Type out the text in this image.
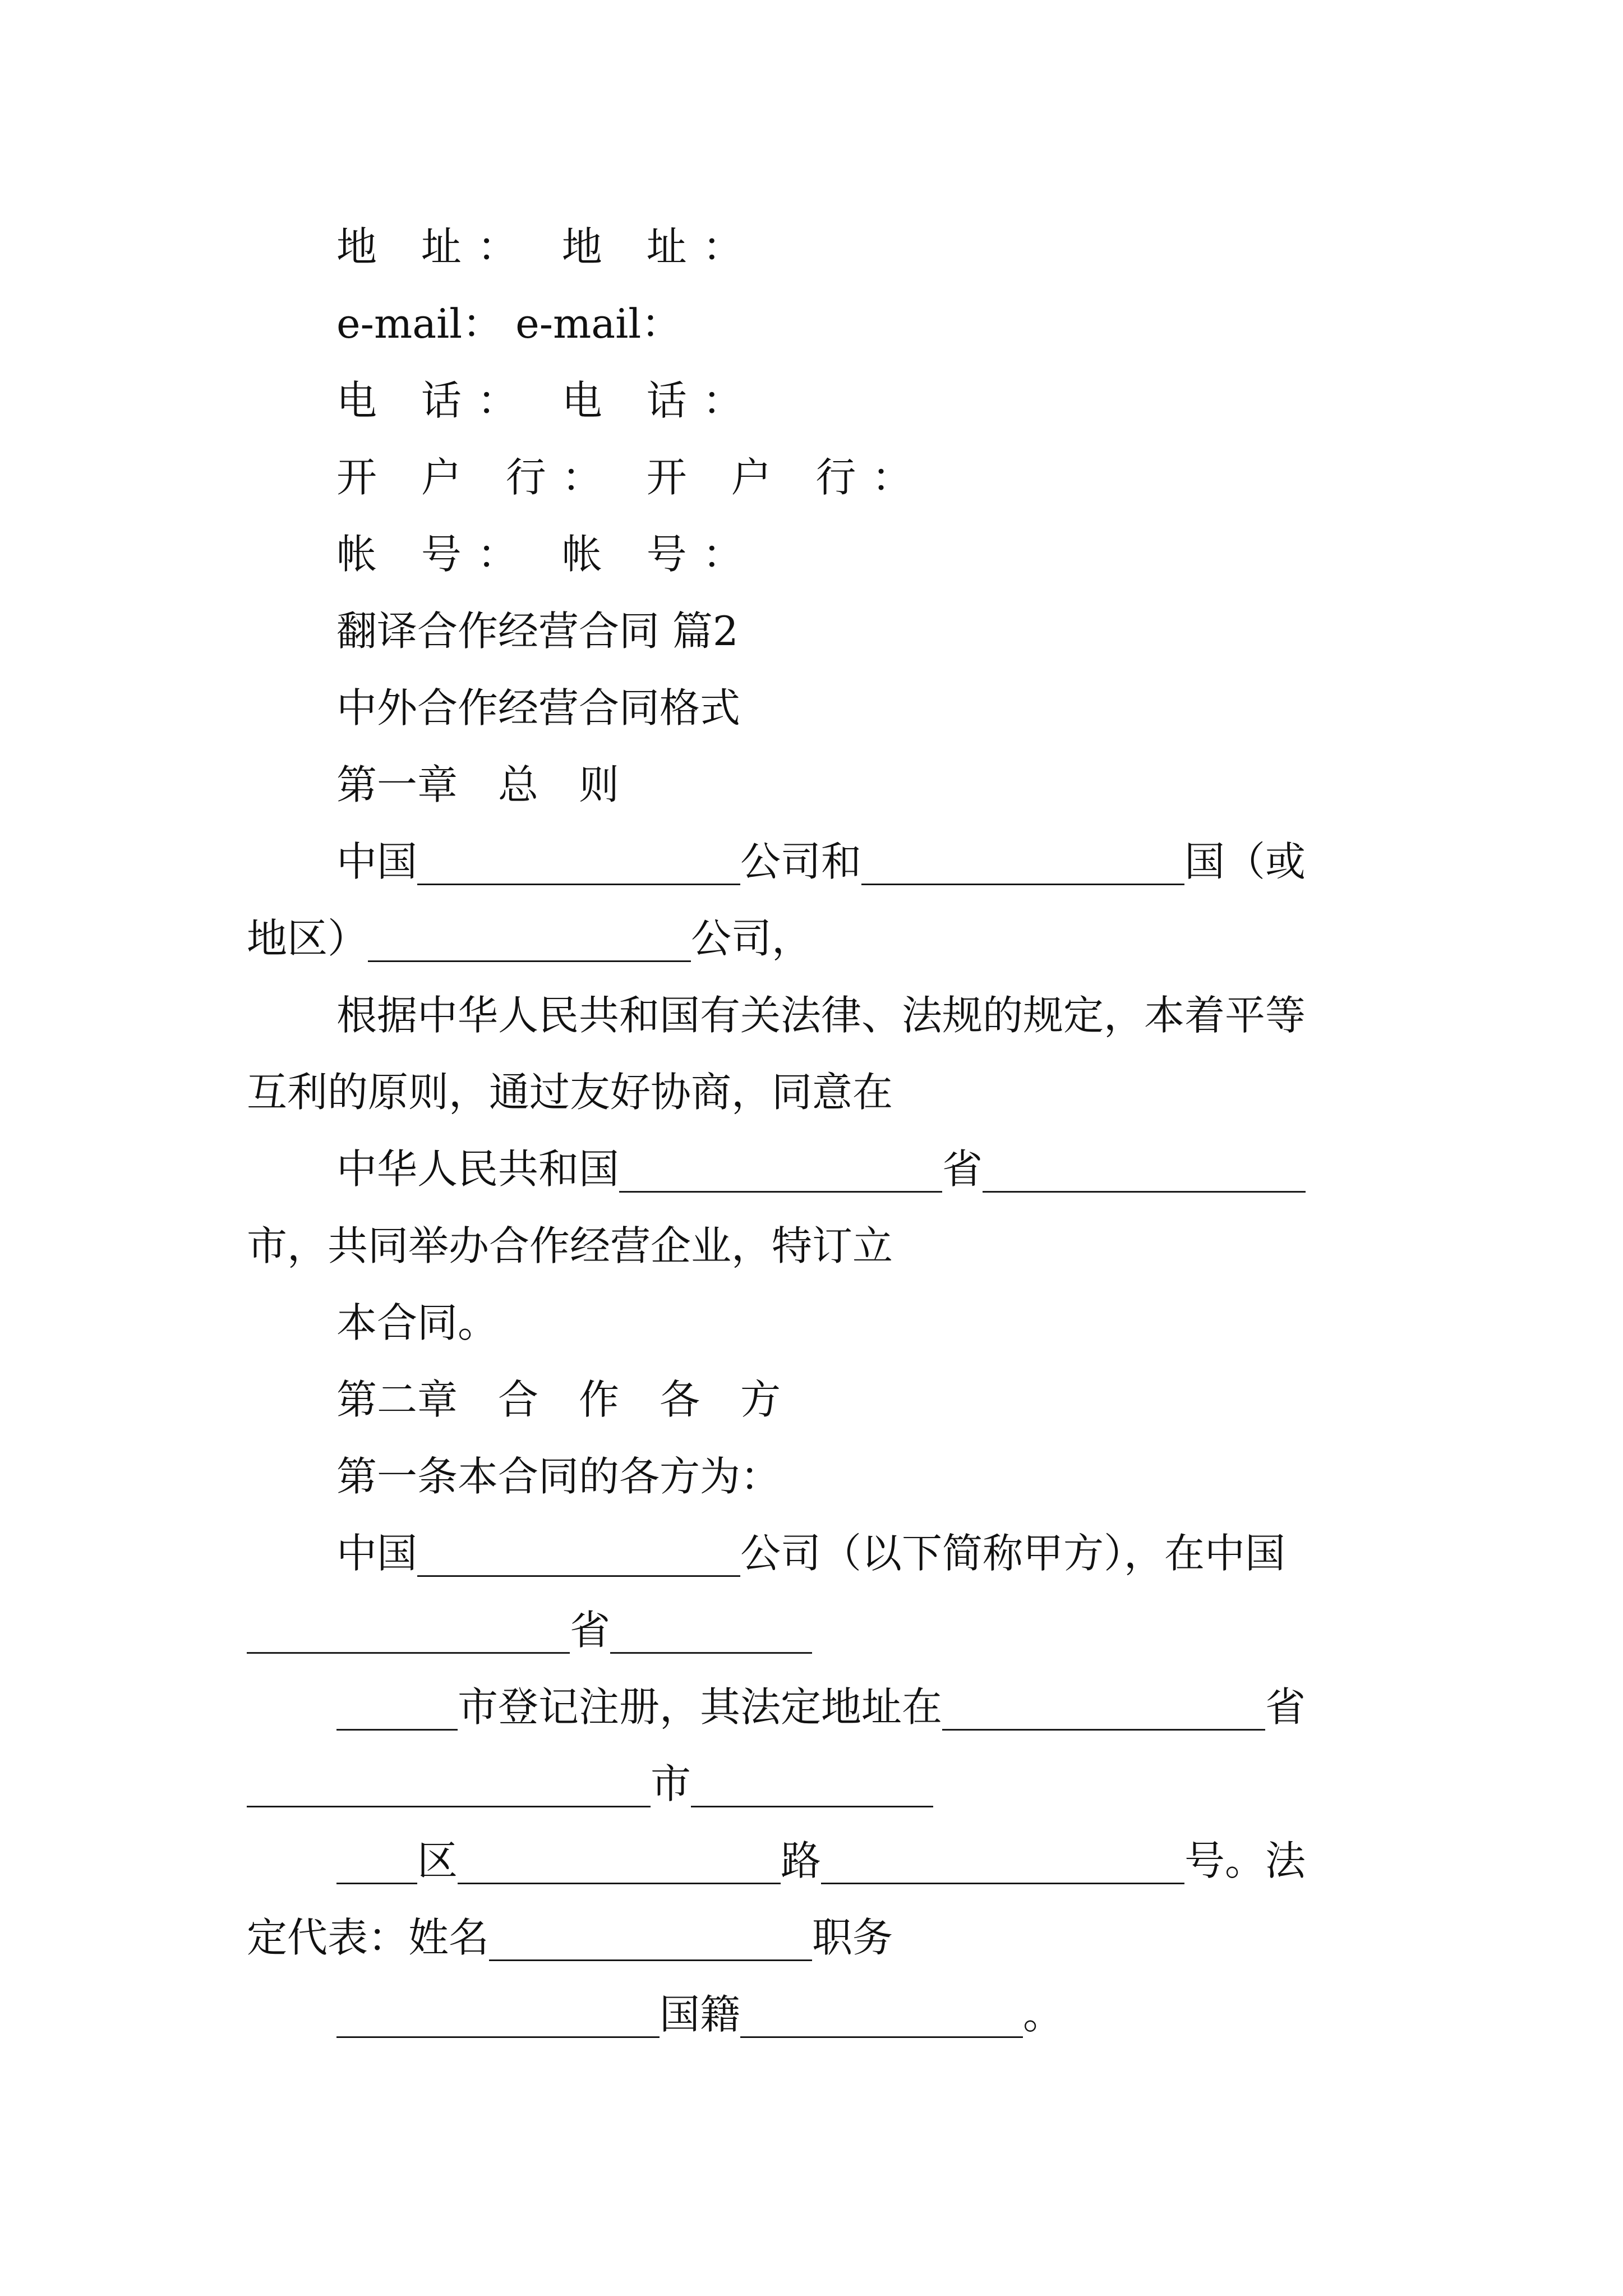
地 址： 地 址：
e-mail： e-mail：
电 话： 电 话：
开 户 行： 开 户 行：
帐 号： 帐 号：
翻译合作经营合同 篇2
中外合作经营合同格式
第一章　总　则
中国________________公司和________________国（或
地区）________________公司，
根据中华人民共和国有关法律、法规的规定，本着平等
互利的原则，通过友好协商，同意在
中华人民共和国________________省________________
市，共同举办合作经营企业，特订立
本合同。
第二章　合　作　各　方
第一条本合同的各方为：
中国________________公司（以下简称甲方），在中国
________________省__________
______市登记注册，其法定地址在________________省
____________________市____________
____区________________路__________________号。法
定代表：姓名________________职务
________________国籍______________。
